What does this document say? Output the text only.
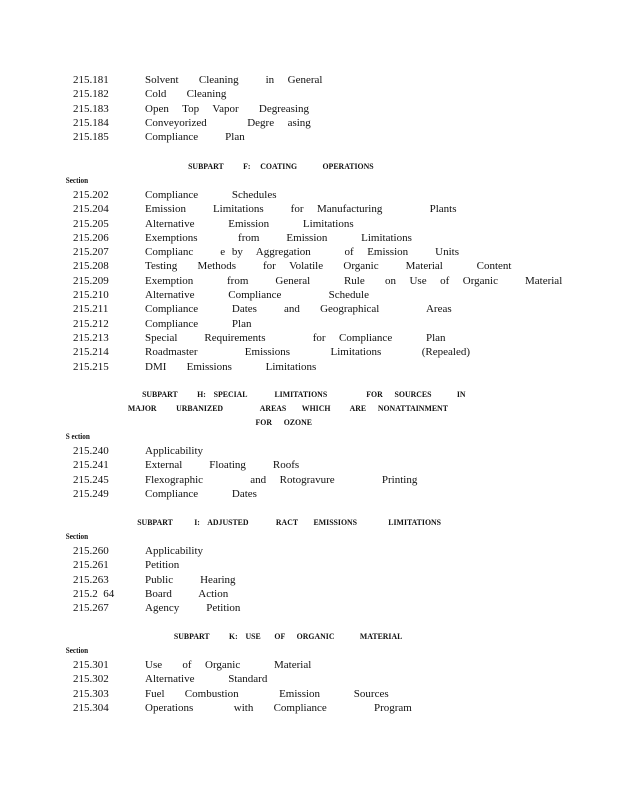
215.181	Solvent   Cleaning    in  General
215.182	Cold   Cleaning
215.183	Open  Top  Vapor   Degreasing
215.184	Conveyorized      Degre  asing
215.185	Compliance    Plan
SUBPART          F:     COATING             OPERATIONS
Section
215.202	Compliance     Schedules
215.204	Emission    Limitations    for  Manufacturing       Plants
215.205	Alternative     Emission     Limitations
215.206	Exemptions      from    Emission     Limitations
215.207	Complianc    e by  Aggregation     of  Emission    Units
215.208	Testing   Methods    for  Volatile   Organic    Material     Content
215.209	Exemption     from    General     Rule   on  Use  of  Organic    Material
215.210	Alternative     Compliance       Schedule
215.211	Compliance     Dates    and   Geographical       Areas
215.212	Compliance     Plan
215.213	Special    Requirements       for  Compliance     Plan
215.214	Roadmaster       Emissions      Limitations      (Repealed)
215.215	DMI   Emissions     Limitations
SUBPART          H:    SPECIAL              LIMITATIONS                    FOR      SOURCES             IN
MAJOR          URBANIZED                   AREAS        WHICH          ARE      NONATTAINMENT
FOR      OZONE
S ection
215.240	Applicability
215.241	External    Floating    Roofs
215.245	Flexographic       and  Rotogravure       Printing
215.249	Compliance     Dates
SUBPART           I:    ADJUSTED              RACT        EMISSIONS                LIMITATIONS
Section
215.260	Applicability
215.261	Petition
215.263	Public    Hearing
215.2  64	Board    Action
215.267	Agency    Petition
SUBPART          K:    USE       OF      ORGANIC             MATERIAL
Section
215.301	Use   of  Organic     Material
215.302	Alternative     Standard
215.303	Fuel   Combustion      Emission     Sources
215.304	Operations      with   Compliance       Program
